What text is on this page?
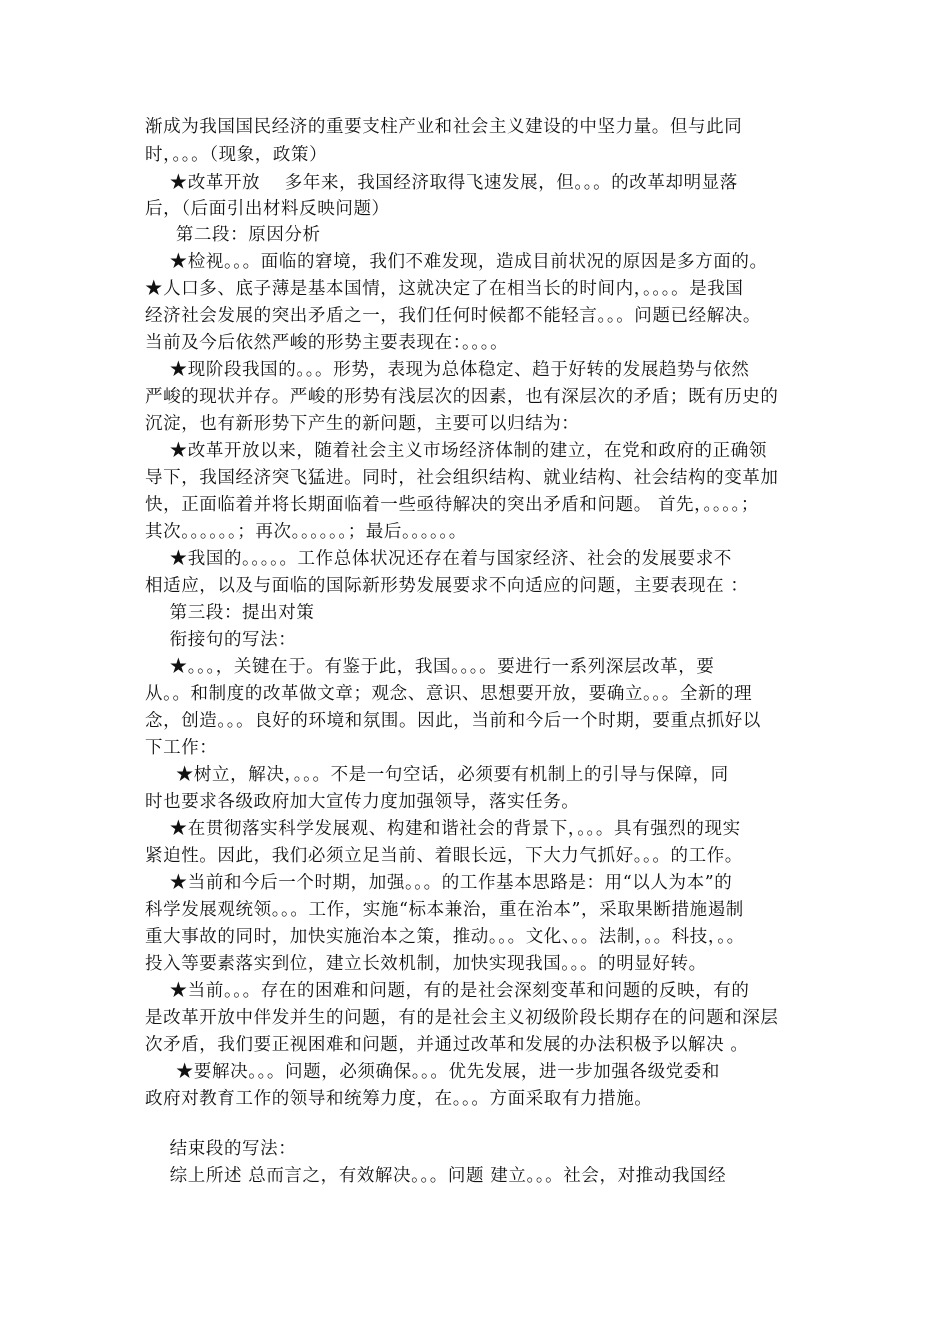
渐成为我国国民经济的重要支柱产业和社会主义建设的中坚力量。但与此同
时，。。。（现象，政策）
★改革开放    多年来，我国经济取得飞速发展，但。。。的改革却明显落
后，（后面引出材料反映问题）
第二段：原因分析
★检视。。。面临的窘境，我们不难发现，造成目前状况的原因是多方面的。
★人口多、底子薄是基本国情，这就决定了在相当长的时间内，。。。。是我国
经济社会发展的突出矛盾之一，我们任何时候都不能轻言。。。问题已经解决。
当前及今后依然严峻的形势主要表现在：。。。。
★现阶段我国的。。。形势，表现为总体稳定、趋于好转的发展趋势与依然
严峻的现状并存。严峻的形势有浅层次的因素，也有深层次的矛盾；既有历史的
沉淀，也有新形势下产生的新问题，主要可以归结为：
★改革开放以来，随着社会主义市场经济体制的建立，在党和政府的正确领
导下，我国经济突飞猛进。同时，社会组织结构、就业结构、社会结构的变革加
快，正面临着并将长期面临着一些亟待解决的突出矛盾和问题。 首先，。。。。；
其次。。。。。。；再次。。。。。。；最后。。。。。。
★我国的。。。。。工作总体状况还存在着与国家经济、社会的发展要求不
相适应，以及与面临的国际新形势发展要求不向适应的问题，主要表现在 ：
第三段：提出对策
衔接句的写法：
★。。。，关键在于。有鉴于此，我国。。。。要进行一系列深层改革，要
从。。和制度的改革做文章；观念、意识、思想要开放，要确立。。。全新的理
念，创造。。。良好的环境和氛围。因此，当前和今后一个时期，要重点抓好以
下工作：
★树立，解决，。。。不是一句空话，必须要有机制上的引导与保障，同
时也要求各级政府加大宣传力度加强领导，落实任务。
★在贯彻落实科学发展观、构建和谐社会的背景下，。。。具有强烈的现实
紧迫性。因此，我们必须立足当前、着眼长远，下大力气抓好。。。的工作。
★当前和今后一个时期，加强。。。的工作基本思路是：用“以人为本”的
科学发展观统领。。。工作，实施“标本兼治，重在治本”，采取果断措施遏制
重大事故的同时，加快实施治本之策，推动。。。文化、。。法制，。。科技，。。
投入等要素落实到位，建立长效机制，加快实现我国。。。的明显好转。
★当前。。。存在的困难和问题，有的是社会深刻变革和问题的反映，有的
是改革开放中伴发并生的问题，有的是社会主义初级阶段长期存在的问题和深层
次矛盾，我们要正视困难和问题，并通过改革和发展的办法积极予以解决 。
★要解决。。。问题，必须确保。。。优先发展，进一步加强各级党委和
政府对教育工作的领导和统筹力度，在。。。方面采取有力措施。
结束段的写法：
综上所述 总而言之，有效解决。。。问题 建立。。。社会，对推动我国经
